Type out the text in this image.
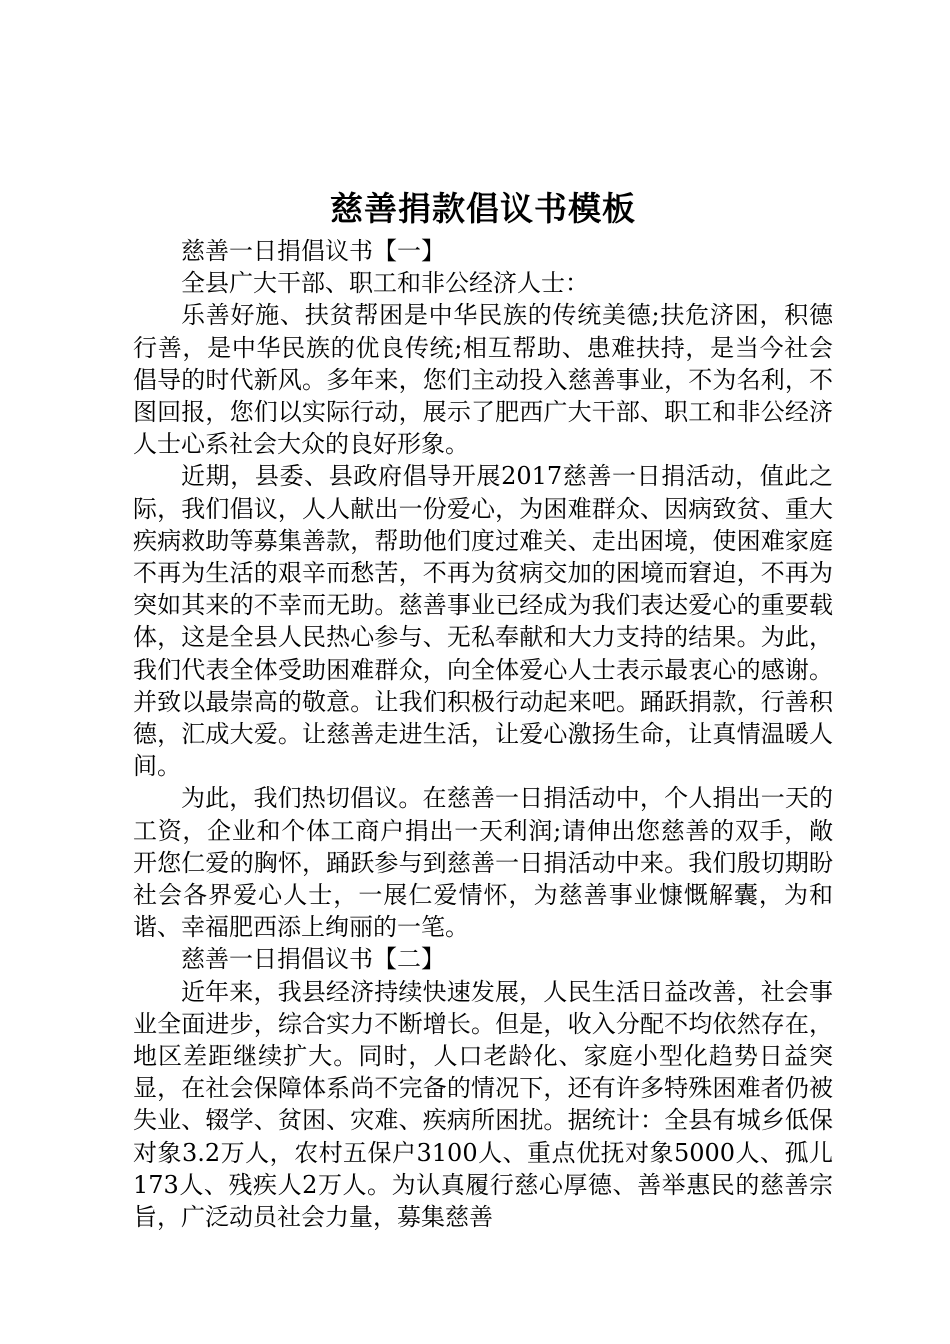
慈善捐款倡议书模板

慈善一日捐倡议书【一】

全县广大干部、职工和非公经济人士：

乐善好施、扶贫帮困是中华民族的传统美德;扶危济困，积德行善，是中华民族的优良传统;相互帮助、患难扶持，是当今社会倡导的时代新风。多年来，您们主动投入慈善事业，不为名利，不图回报，您们以实际行动，展示了肥西广大干部、职工和非公经济人士心系社会大众的良好形象。

近期，县委、县政府倡导开展2017慈善一日捐活动，值此之际，我们倡议，人人献出一份爱心，为困难群众、因病致贫、重大疾病救助等募集善款，帮助他们度过难关、走出困境，使困难家庭不再为生活的艰辛而愁苦，不再为贫病交加的困境而窘迫，不再为突如其来的不幸而无助。慈善事业已经成为我们表达爱心的重要载体，这是全县人民热心参与、无私奉献和大力支持的结果。为此，我们代表全体受助困难群众，向全体爱心人士表示最衷心的感谢。并致以最崇高的敬意。让我们积极行动起来吧。踊跃捐款，行善积德，汇成大爱。让慈善走进生活，让爱心激扬生命，让真情温暖人间。

为此，我们热切倡议。在慈善一日捐活动中，个人捐出一天的工资，企业和个体工商户捐出一天利润;请伸出您慈善的双手，敞开您仁爱的胸怀，踊跃参与到慈善一日捐活动中来。我们殷切期盼社会各界爱心人士，一展仁爱情怀，为慈善事业慷慨解囊，为和谐、幸福肥西添上绚丽的一笔。

慈善一日捐倡议书【二】

近年来，我县经济持续快速发展，人民生活日益改善，社会事业全面进步，综合实力不断增长。但是，收入分配不均依然存在，地区差距继续扩大。同时，人口老龄化、家庭小型化趋势日益突显，在社会保障体系尚不完备的情况下，还有许多特殊困难者仍被失业、辍学、贫困、灾难、疾病所困扰。据统计：全县有城乡低保对象3.2万人，农村五保户3100人、重点优抚对象5000人、孤儿173人、残疾人2万人。为认真履行慈心厚德、善举惠民的慈善宗旨，广泛动员社会力量，募集慈善
